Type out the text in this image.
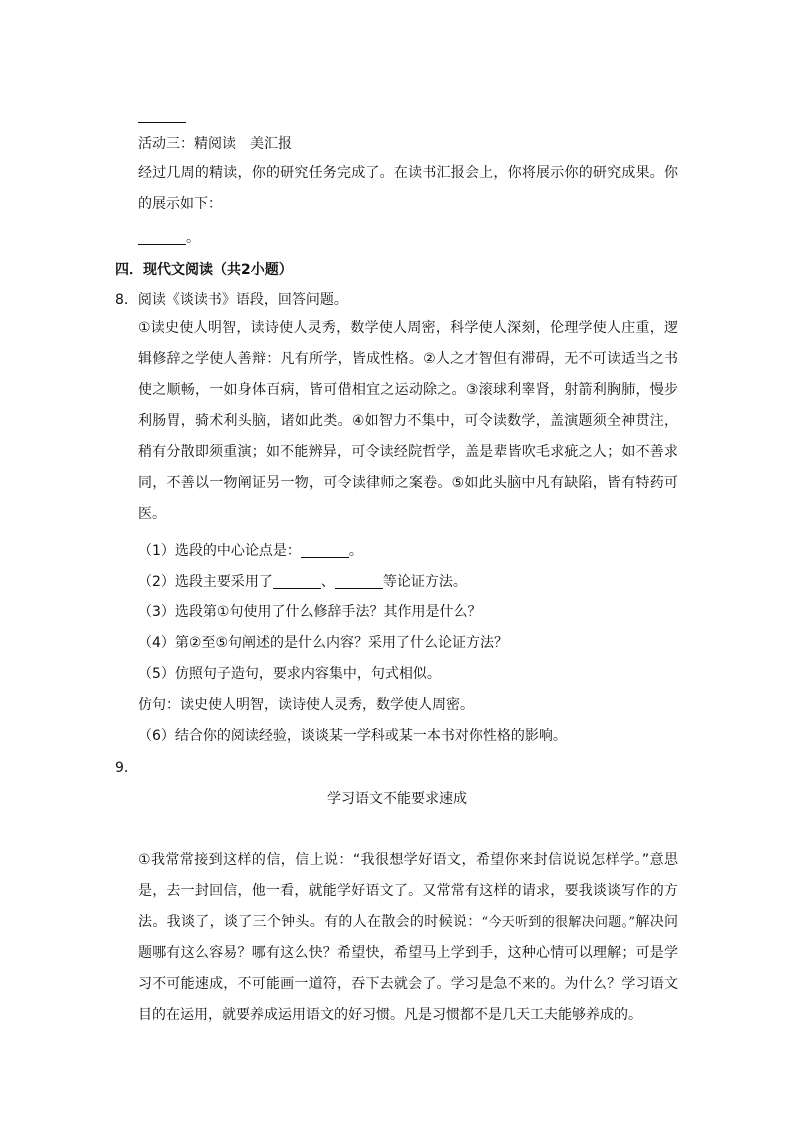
活动三：精阅读　美汇报
经过几周的精读，你的研究任务完成了。在读书汇报会上，你将展示你的研究成果。你的展示如下：
。
四．现代文阅读（共2小题）
8．阅读《谈读书》语段，回答问题。
①读史使人明智，读诗使人灵秀，数学使人周密，科学使人深刻，伦理学使人庄重，逻辑修辞之学使人善辩：凡有所学，皆成性格。②人之才智但有滞碍，无不可读适当之书使之顺畅，一如身体百病，皆可借相宜之运动除之。③滚球利睾肾，射箭利胸肺，慢步利肠胃，骑术利头脑，诸如此类。④如智力不集中，可令读数学，盖演题须全神贯注，稍有分散即须重演；如不能辨异，可令读经院哲学，盖是辈皆吹毛求疵之人；如不善求同，不善以一物阐证另一物，可令读律师之案卷。⑤如此头脑中凡有缺陷，皆有特药可医。
（1）选段的中心论点是：	。
（2）选段主要采用了	、	等论证方法。
（3）选段第①句使用了什么修辞手法？其作用是什么？
（4）第②至⑤句阐述的是什么内容？采用了什么论证方法？
（5）仿照句子造句，要求内容集中，句式相似。
仿句：读史使人明智，读诗使人灵秀，数学使人周密。
（6）结合你的阅读经验，谈谈某一学科或某一本书对你性格的影响。
9．
学习语文不能要求速成
①我常常接到这样的信，信上说：“我很想学好语文，希望你来封信说说怎样学。”意思是，去一封回信，他一看，就能学好语文了。又常常有这样的请求，要我谈谈写作的方法。我谈了，谈了三个钟头。有的人在散会的时候说：“今天听到的很解决问题。”解决问题哪有这么容易？哪有这么快？希望快，希望马上学到手，这种心情可以理解；可是学习不可能速成，不可能画一道符，吞下去就会了。学习是急不来的。为什么？学习语文目的在运用，就要养成运用语文的好习惯。凡是习惯都不是几天工夫能够养成的。
